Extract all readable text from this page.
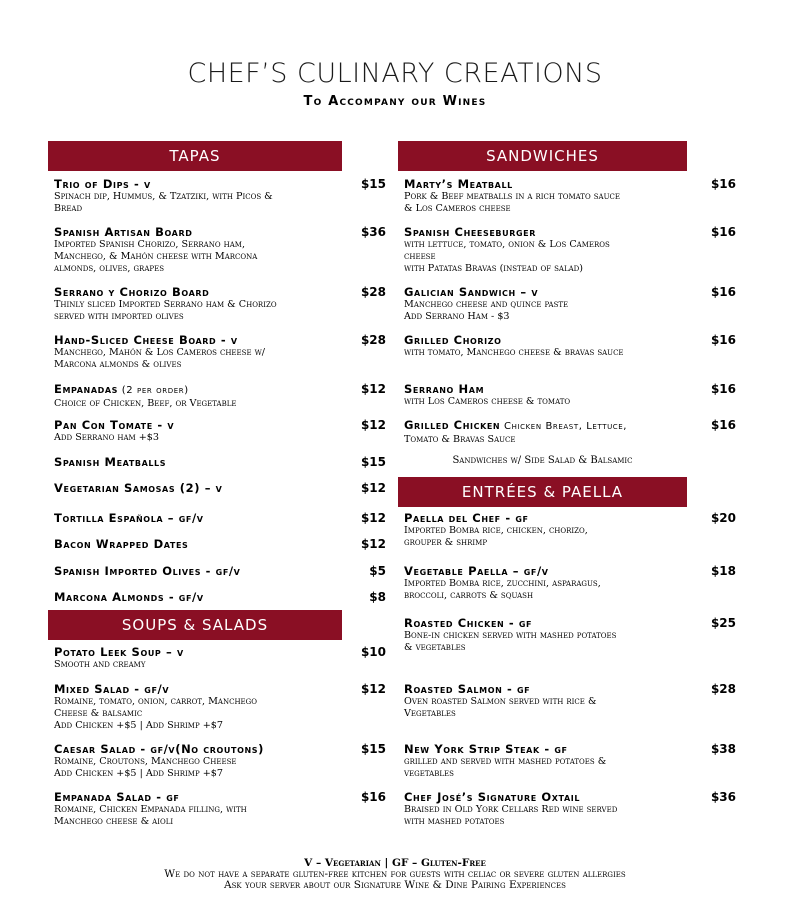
CHEF’S CULINARY CREATIONS
To Accompany our Wines
TAPAS	SANDWICHES
ENTRÉES & PAELLA
SOUPS & SALADS
Trio of Dips - v
Spinach dip, Hummus, & Tzatziki, with Picos &
Bread
$15
Spanish Artisan Board
Imported Spanish Chorizo, Serrano ham,
Manchego, & Mahón cheese with Marcona
almonds, olives, grapes
$36
Serrano y Chorizo Board
Thinly sliced Imported Serrano ham & Chorizo
served with imported olives
$28
Hand-Sliced Cheese Board - v
Manchego, Mahón & Los Cameros cheese w/
Marcona almonds & olives
$28
Empanadas (2 per order)
Choice of Chicken, Beef, or Vegetable
$12
Pan Con Tomate - v
Add Serrano ham +$3
$12
Spanish Meatballs	$15
Vegetarian Samosas (2) – v	$12
Tortilla Española – gf/v	$12
Bacon Wrapped Dates	$12
Spanish Imported Olives - gf/v	$5
Marcona Almonds - gf/v	$8
Potato Leek Soup – v
Smooth and creamy
$10
Mixed Salad - gf/v
Romaine, tomato, onion, carrot, Manchego
Cheese & balsamic
Add Chicken +$5 | Add Shrimp +$7
$12
Caesar Salad - gf/v(No croutons)
Romaine, Croutons, Manchego Cheese
Add Chicken +$5 | Add Shrimp +$7
$15
Empanada Salad - gf
Romaine, Chicken Empanada filling, with
Manchego cheese & aioli
$16
Marty’s Meatball
Pork & Beef meatballs in a rich tomato sauce
& Los Cameros cheese
$16
Spanish Cheeseburger
with lettuce, tomato, onion & Los Cameros
cheese
with Patatas Bravas (instead of salad)
$16
Galician Sandwich – v
Manchego cheese and quince paste
Add Serrano Ham - $3
$16
Grilled Chorizo
with tomato, Manchego cheese & bravas sauce
$16
Serrano Ham
with Los Cameros cheese & tomato
$16
Grilled Chicken Chicken Breast, Lettuce,
Tomato & Bravas Sauce
$16
Paella del Chef - gf
Imported Bomba rice, chicken, chorizo,
grouper & shrimp
$20
Vegetable Paella – gf/v
Imported Bomba rice, zucchini, asparagus,
broccoli, carrots & squash
$18
Roasted Chicken - gf
Bone-in chicken served with mashed potatoes
& vegetables
$25
Roasted Salmon - gf
Oven roasted Salmon served with rice &
Vegetables
$28
New York Strip Steak - gf
grilled and served with mashed potatoes &
vegetables
$38
Chef José’s Signature Oxtail
Braised in Old York Cellars Red wine served
with mashed potatoes
$36
Sandwiches w/ Side Salad & Balsamic
V – Vegetarian | GF – Gluten-Free
We do not have a separate gluten-free kitchen for guests with celiac or severe gluten allergies
Ask your server about our Signature Wine & Dine Pairing Experiences
